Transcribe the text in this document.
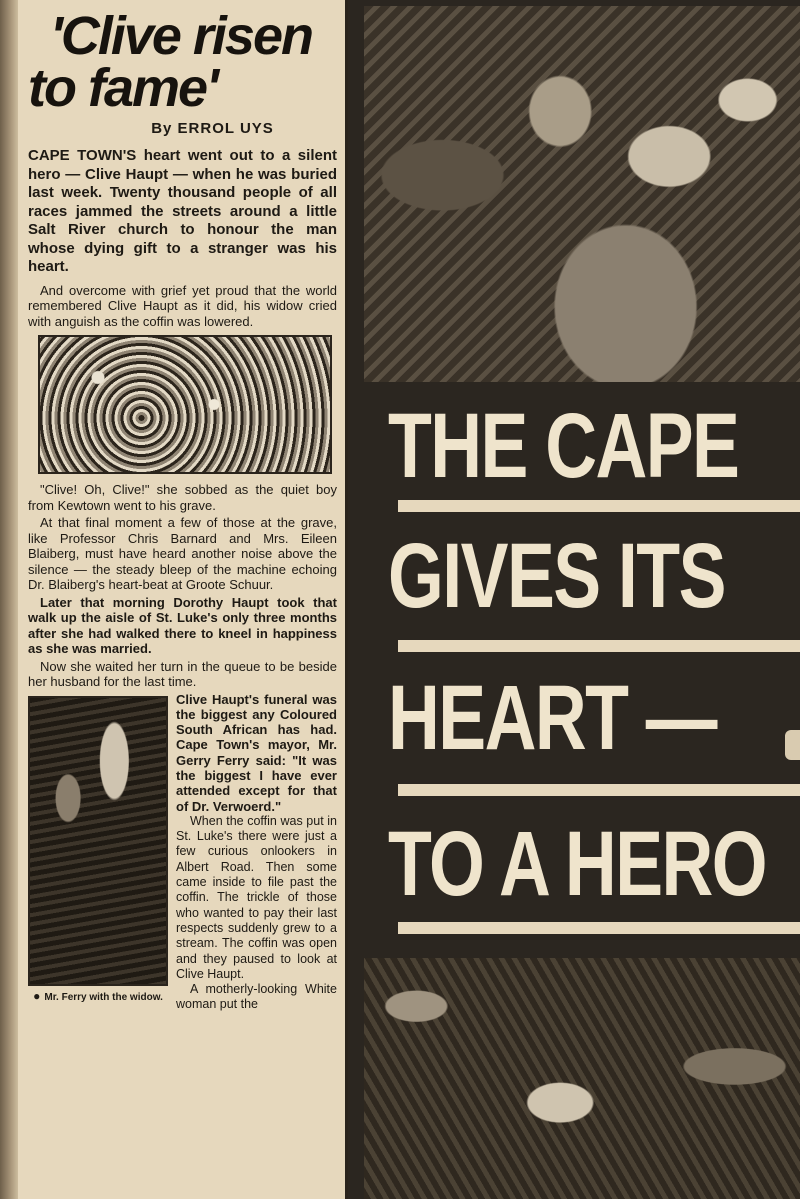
'Clive risen
to fame'
By ERROL UYS

CAPE TOWN'S heart went out to a silent hero — Clive Haupt — when he was buried last week. Twenty thousand people of all races jammed the streets around a little Salt River church to honour the man whose dying gift to a stranger was his heart.

And overcome with grief yet proud that the world remembered Clive Haupt as it did, his widow cried with anguish as the coffin was lowered.

"Clive! Oh, Clive!" she sobbed as the quiet boy from Kewtown went to his grave.

At that final moment a few of those at the grave, like Professor Chris Barnard and Mrs. Eileen Blaiberg, must have heard another noise above the silence — the steady bleep of the machine echoing Dr. Blaiberg's heart-beat at Groote Schuur.

Later that morning Dorothy Haupt took that walk up the aisle of St. Luke's only three months after she had walked there to kneel in happiness as she was married.

Now she waited her turn in the queue to be beside her husband for the last time.

● Mr. Ferry with the widow.

Clive Haupt's funeral was the biggest any Coloured South African has had. Cape Town's mayor, Mr. Gerry Ferry said: "It was the biggest I have ever attended except for that of Dr. Verwoerd."

When the coffin was put in St. Luke's there were just a few curious onlookers in Albert Road. Then some came inside to file past the coffin. The trickle of those who wanted to pay their last respects suddenly grew to a stream. The coffin was open and they paused to look at Clive Haupt.

A motherly-looking White woman put the

THE CAPE
GIVES ITS
HEART —
TO A HERO
